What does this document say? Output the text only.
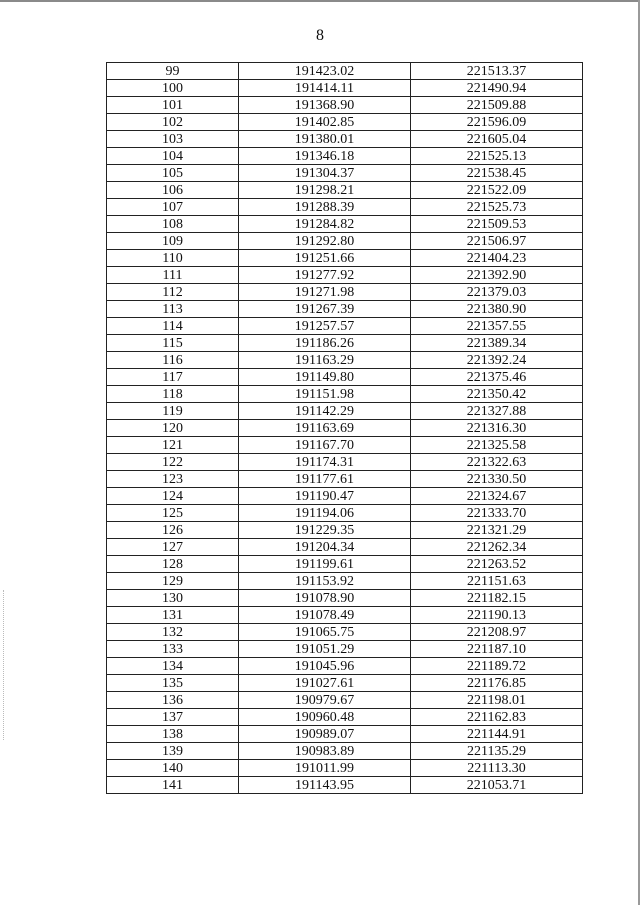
8
99	191423.02	221513.37
100	191414.11	221490.94
101	191368.90	221509.88
102	191402.85	221596.09
103	191380.01	221605.04
104	191346.18	221525.13
105	191304.37	221538.45
106	191298.21	221522.09
107	191288.39	221525.73
108	191284.82	221509.53
109	191292.80	221506.97
110	191251.66	221404.23
111	191277.92	221392.90
112	191271.98	221379.03
113	191267.39	221380.90
114	191257.57	221357.55
115	191186.26	221389.34
116	191163.29	221392.24
117	191149.80	221375.46
118	191151.98	221350.42
119	191142.29	221327.88
120	191163.69	221316.30
121	191167.70	221325.58
122	191174.31	221322.63
123	191177.61	221330.50
124	191190.47	221324.67
125	191194.06	221333.70
126	191229.35	221321.29
127	191204.34	221262.34
128	191199.61	221263.52
129	191153.92	221151.63
130	191078.90	221182.15
131	191078.49	221190.13
132	191065.75	221208.97
133	191051.29	221187.10
134	191045.96	221189.72
135	191027.61	221176.85
136	190979.67	221198.01
137	190960.48	221162.83
138	190989.07	221144.91
139	190983.89	221135.29
140	191011.99	221113.30
141	191143.95	221053.71
